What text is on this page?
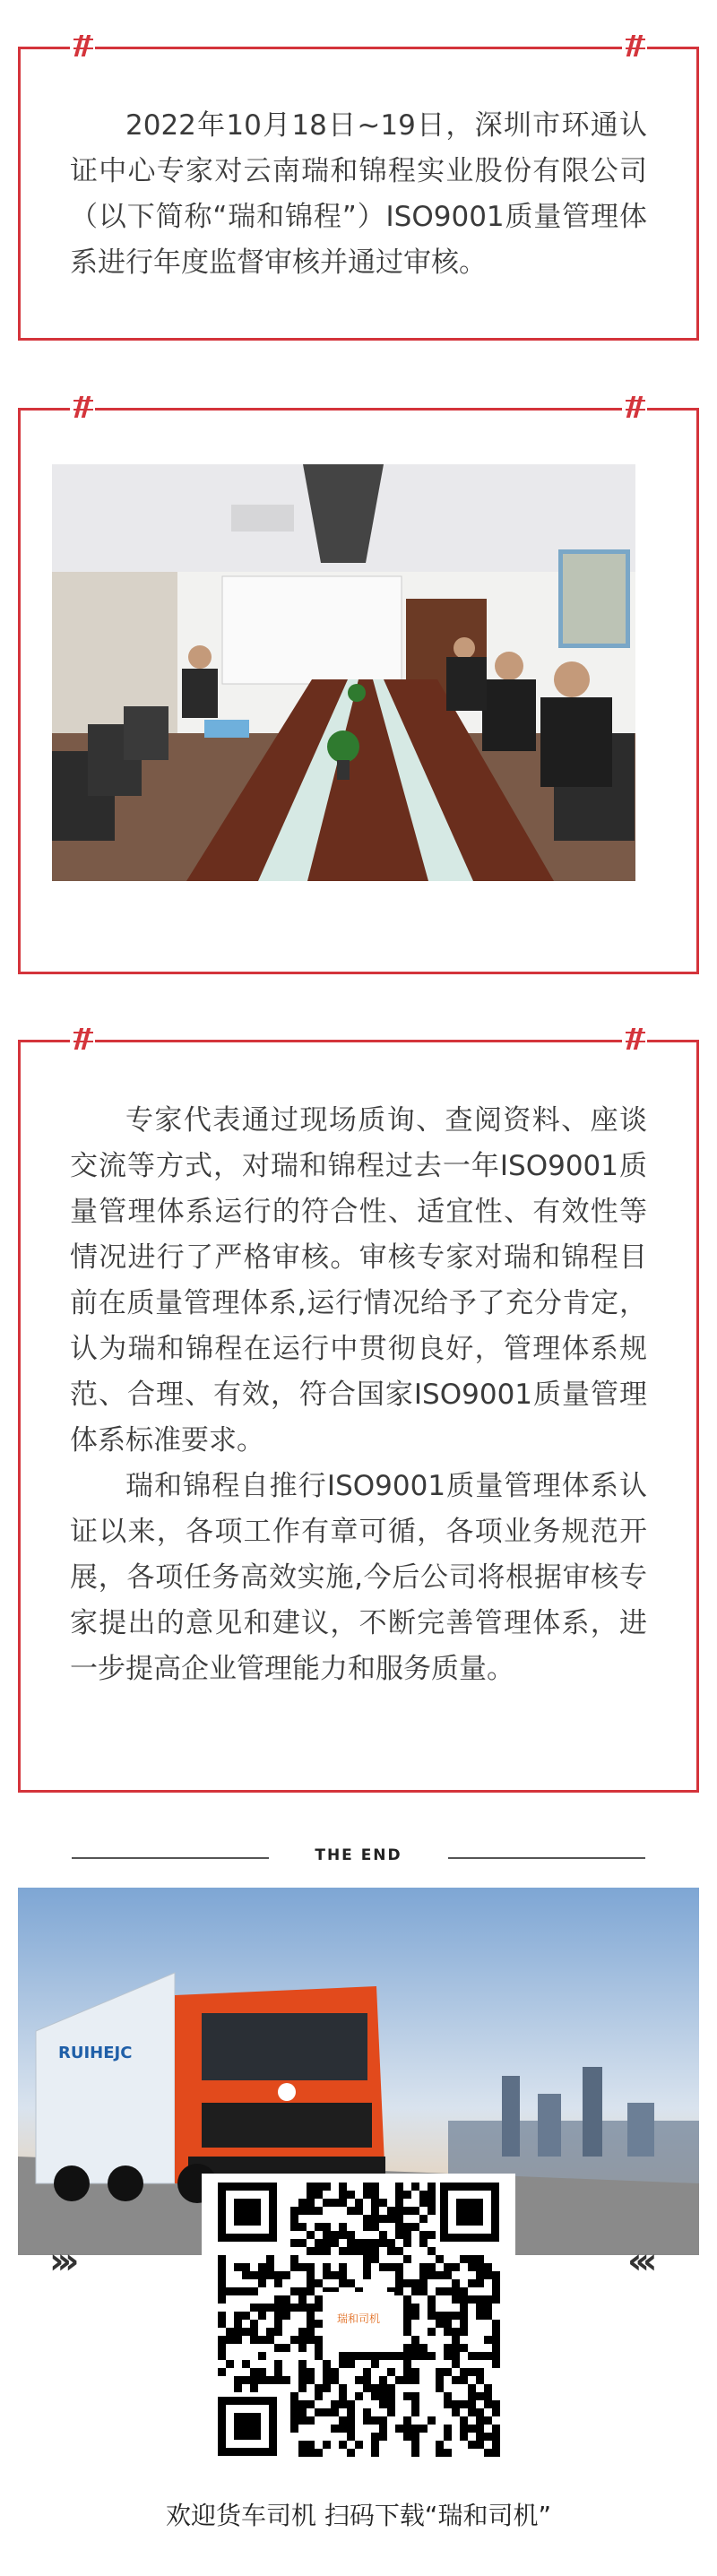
2022年10月18日~19日，深圳市环通认证中心专家对云南瑞和锦程实业股份有限公司（以下简称“瑞和锦程”）ISO9001质量管理体系进行年度监督审核并通过审核。

专家代表通过现场质询、查阅资料、座谈交流等方式，对瑞和锦程过去一年ISO9001质量管理体系运行的符合性、适宜性、有效性等情况进行了严格审核。审核专家对瑞和锦程目前在质量管理体系,运行情况给予了充分肯定，认为瑞和锦程在运行中贯彻良好，管理体系规范、合理、有效，符合国家ISO9001质量管理体系标准要求。

瑞和锦程自推行ISO9001质量管理体系认证以来，各项工作有章可循，各项业务规范开展，各项任务高效实施,今后公司将根据审核专家提出的意见和建议，不断完善管理体系，进一步提高企业管理能力和服务质量。

THE END
RUIHEJC
›››	‹‹‹
瑞和司机
欢迎货车司机 扫码下载“瑞和司机”
